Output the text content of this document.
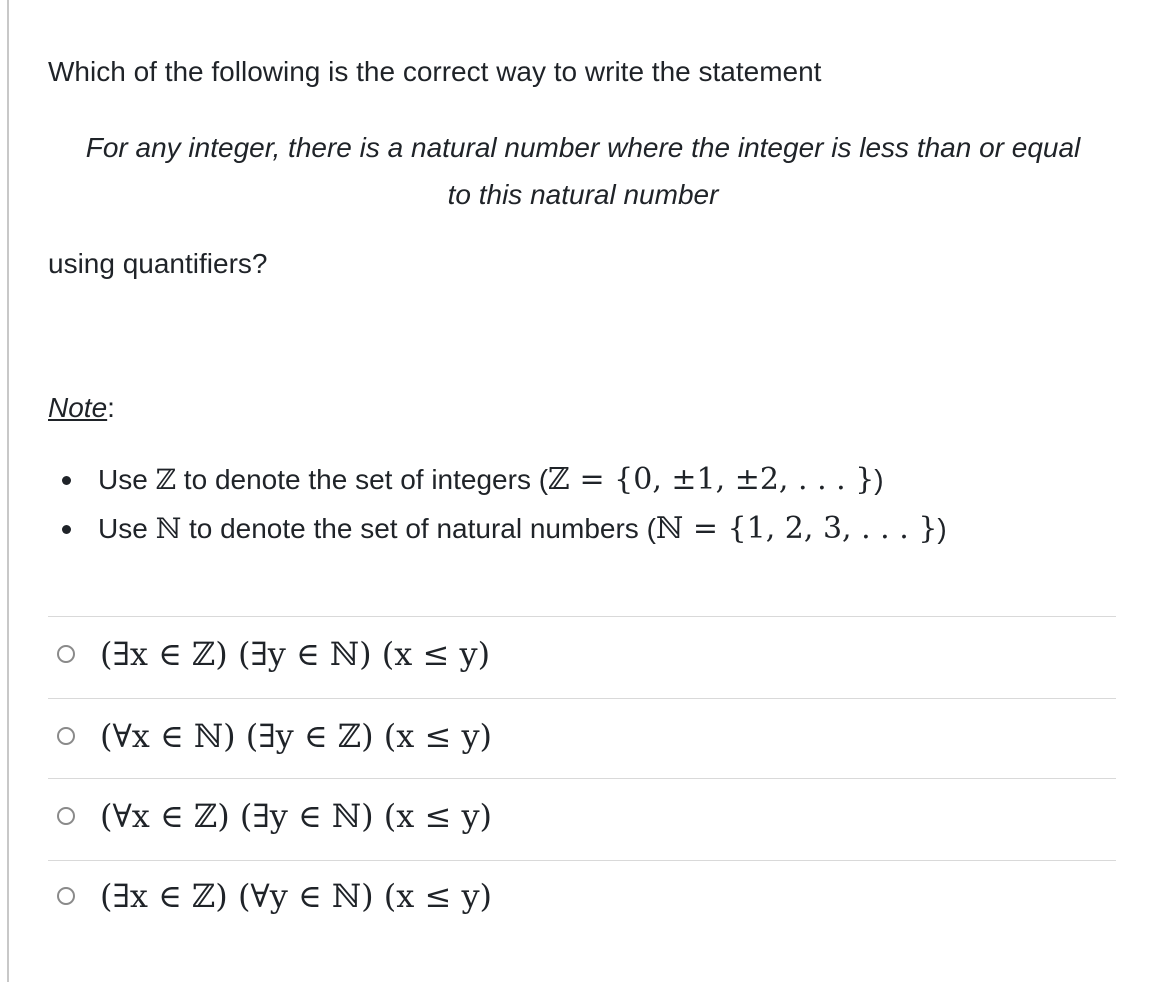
Which of the following is the correct way to write the statement
For any integer, there is a natural number where the integer is less than or equal
to this natural number
using quantifiers?
Note:
Use ℤ to denote the set of integers (ℤ = {0, ±1, ±2, . . . })
Use ℕ to denote the set of natural numbers (ℕ = {1, 2, 3, . . . })
(∃x ∈ ℤ) (∃y ∈ ℕ) (x ≤ y)
(∀x ∈ ℕ) (∃y ∈ ℤ) (x ≤ y)
(∀x ∈ ℤ) (∃y ∈ ℕ) (x ≤ y)
(∃x ∈ ℤ) (∀y ∈ ℕ) (x ≤ y)
